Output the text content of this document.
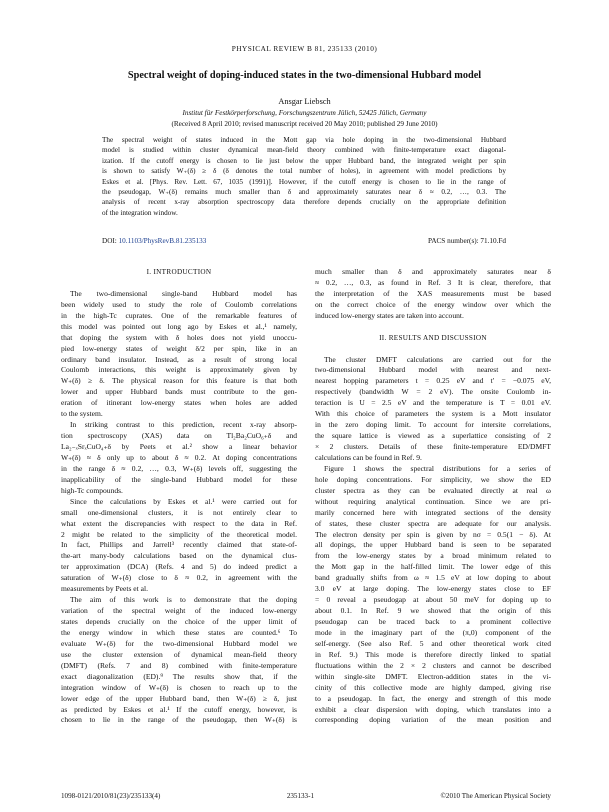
PHYSICAL REVIEW B 81, 235133 (2010)
Spectral weight of doping-induced states in the two-dimensional Hubbard model
Ansgar Liebsch
Institut für Festkörperforschung, Forschungszentrum Jülich, 52425 Jülich, Germany
(Received 8 April 2010; revised manuscript received 20 May 2010; published 29 June 2010)
The spectral weight of states induced in the Mott gap via hole doping in the two-dimensional Hubbard
model is studied within cluster dynamical mean-field theory combined with finite-temperature exact diagonal-
ization. If the cutoff energy is chosen to lie just below the upper Hubbard band, the integrated weight per spin
is shown to satisfy W₊(δ) ≥ δ (δ denotes the total number of holes), in agreement with model predictions by
Eskes et al. [Phys. Rev. Lett. 67, 1035 (1991)]. However, if the cutoff energy is chosen to lie in the range of
the pseudogap, W₊(δ) remains much smaller than δ and approximately saturates near δ ≈ 0.2, …, 0.3. The
analysis of recent x-ray absorption spectroscopy data therefore depends crucially on the appropriate definition
of the integration window.
DOI: 10.1103/PhysRevB.81.235133	PACS number(s): 71.10.Fd
I. INTRODUCTION
The two-dimensional single-band Hubbard model has
been widely used to study the role of Coulomb correlations
in the high-Tc cuprates. One of the remarkable features of
this model was pointed out long ago by Eskes et al.,¹ namely,
that doping the system with δ holes does not yield unoccu-
pied low-energy states of weight δ/2 per spin, like in an
ordinary band insulator. Instead, as a result of strong local
Coulomb interactions, this weight is approximately given by
W₊(δ) ≥ δ. The physical reason for this feature is that both
lower and upper Hubbard bands must contribute to the gen-
eration of itinerant low-energy states when holes are added
to the system.
In striking contrast to this prediction, recent x-ray absorp-
tion spectroscopy (XAS) data on Tl₂Ba₂CuO₆₊δ and
La₂₋ₓSrₓCuO₄₊δ by Peets et al.² show a linear behavior
W₊(δ) ≈ δ only up to about δ ≈ 0.2. At doping concentrations
in the range δ ≈ 0.2, …, 0.3, W₊(δ) levels off, suggesting the
inapplicability of the single-band Hubbard model for these
high-Tc compounds.
Since the calculations by Eskes et al.¹ were carried out for
small one-dimensional clusters, it is not entirely clear to
what extent the discrepancies with respect to the data in Ref.
2 might be related to the simplicity of the theoretical model.
In fact, Phillips and Jarrell³ recently claimed that state-of-
the-art many-body calculations based on the dynamical clus-
ter approximation (DCA) (Refs. 4 and 5) do indeed predict a
saturation of W₊(δ) close to δ ≈ 0.2, in agreement with the
measurements by Peets et al.
The aim of this work is to demonstrate that the doping
variation of the spectral weight of the induced low-energy
states depends crucially on the choice of the upper limit of
the energy window in which these states are counted.⁶ To
evaluate W₊(δ) for the two-dimensional Hubbard model we
use the cluster extension of dynamical mean-field theory
(DMFT) (Refs. 7 and 8) combined with finite-temperature
exact diagonalization (ED).⁹ The results show that, if the
integration window of W₊(δ) is chosen to reach up to the
lower edge of the upper Hubbard band, then W₊(δ) ≥ δ, just
as predicted by Eskes et al.¹ If the cutoff energy, however, is
chosen to lie in the range of the pseudogap, then W₊(δ) is
much smaller than δ and approximately saturates near δ
≈ 0.2, …, 0.3, as found in Ref. 3 It is clear, therefore, that
the interpretation of the XAS measurements must be based
on the correct choice of the energy window over which the
induced low-energy states are taken into account.
II. RESULTS AND DISCUSSION
The cluster DMFT calculations are carried out for the
two-dimensional Hubbard model with nearest and next-
nearest hopping parameters t = 0.25 eV and t′ = −0.075 eV,
respectively (bandwidth W = 2 eV). The onsite Coulomb in-
teraction is U = 2.5 eV and the temperature is T = 0.01 eV.
With this choice of parameters the system is a Mott insulator
in the zero doping limit. To account for intersite correlations,
the square lattice is viewed as a superlattice consisting of 2
× 2 clusters. Details of these finite-temperature ED/DMFT
calculations can be found in Ref. 9.
Figure 1 shows the spectral distributions for a series of
hole doping concentrations. For simplicity, we show the ED
cluster spectra as they can be evaluated directly at real ω
without requiring analytical continuation. Since we are pri-
marily concerned here with integrated sections of the density
of states, these cluster spectra are adequate for our analysis.
The electron density per spin is given by nσ = 0.5(1 − δ). At
all dopings, the upper Hubbard band is seen to be separated
from the low-energy states by a broad minimum related to
the Mott gap in the half-filled limit. The lower edge of this
band gradually shifts from ω ≈ 1.5 eV at low doping to about
3.0 eV at large doping. The low-energy states close to EF
= 0 reveal a pseudogap at about 50 meV for doping up to
about 0.1. In Ref. 9 we showed that the origin of this
pseudogap can be traced back to a prominent collective
mode in the imaginary part of the (π,0) component of the
self-energy. (See also Ref. 5 and other theoretical work cited
in Ref. 9.) This mode is therefore directly linked to spatial
fluctuations within the 2 × 2 clusters and cannot be described
within single-site DMFT. Electron-addition states in the vi-
cinity of this collective mode are highly damped, giving rise
to a pseudogap. In fact, the energy and strength of this mode
exhibit a clear dispersion with doping, which translates into a
corresponding doping variation of the mean position and
1098-0121/2010/81(23)/235133(4)	235133-1	©2010 The American Physical Society
